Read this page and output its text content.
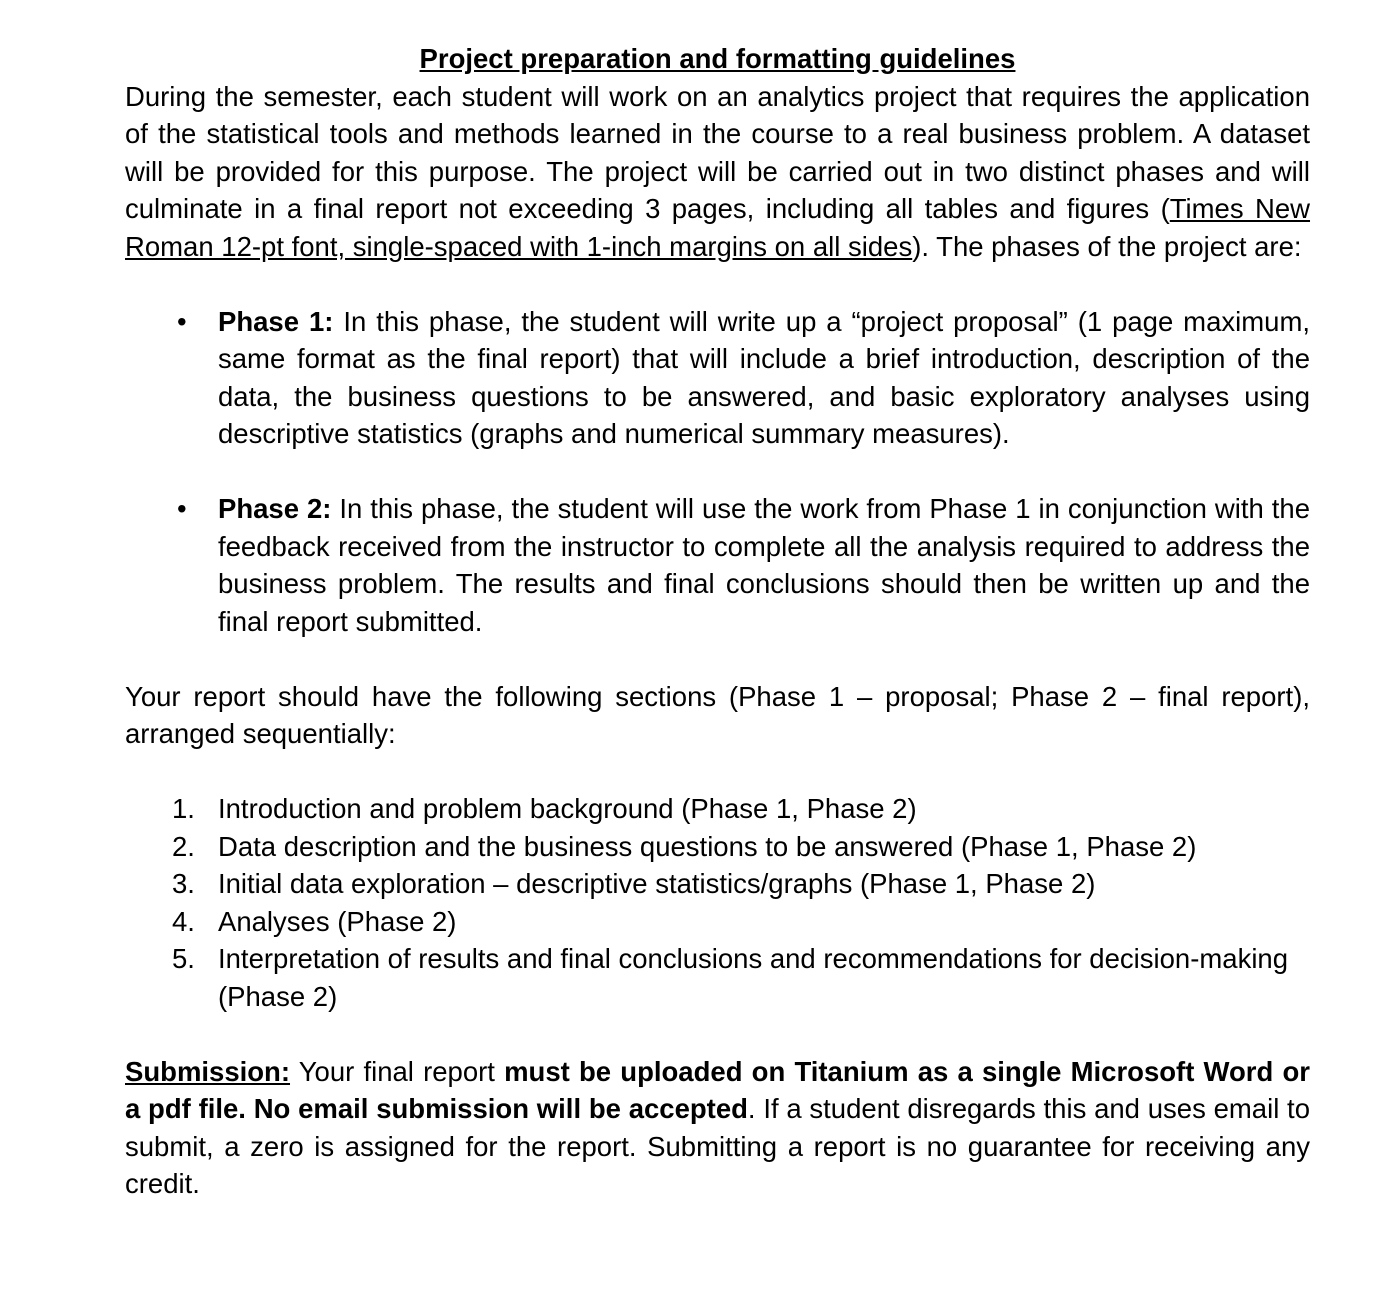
Project preparation and formatting guidelines

During the semester, each student will work on an analytics project that requires the application of the statistical tools and methods learned in the course to a real business problem. A dataset will be provided for this purpose. The project will be carried out in two distinct phases and will culminate in a final report not exceeding 3 pages, including all tables and figures (Times New Roman 12-pt font, single-spaced with 1-inch margins on all sides). The phases of the project are:

• Phase 1: In this phase, the student will write up a “project proposal” (1 page maximum, same format as the final report) that will include a brief introduction, description of the data, the business questions to be answered, and basic exploratory analyses using descriptive statistics (graphs and numerical summary measures).
• Phase 2: In this phase, the student will use the work from Phase 1 in conjunction with the feedback received from the instructor to complete all the analysis required to address the business problem. The results and final conclusions should then be written up and the final report submitted.

Your report should have the following sections (Phase 1 – proposal; Phase 2 – final report), arranged sequentially:

1. Introduction and problem background (Phase 1, Phase 2)
2. Data description and the business questions to be answered (Phase 1, Phase 2)
3. Initial data exploration – descriptive statistics/graphs (Phase 1, Phase 2)
4. Analyses (Phase 2)
5. Interpretation of results and final conclusions and recommendations for decision-making (Phase 2)

Submission: Your final report must be uploaded on Titanium as a single Microsoft Word or a pdf file. No email submission will be accepted. If a student disregards this and uses email to submit, a zero is assigned for the report. Submitting a report is no guarantee for receiving any credit.
